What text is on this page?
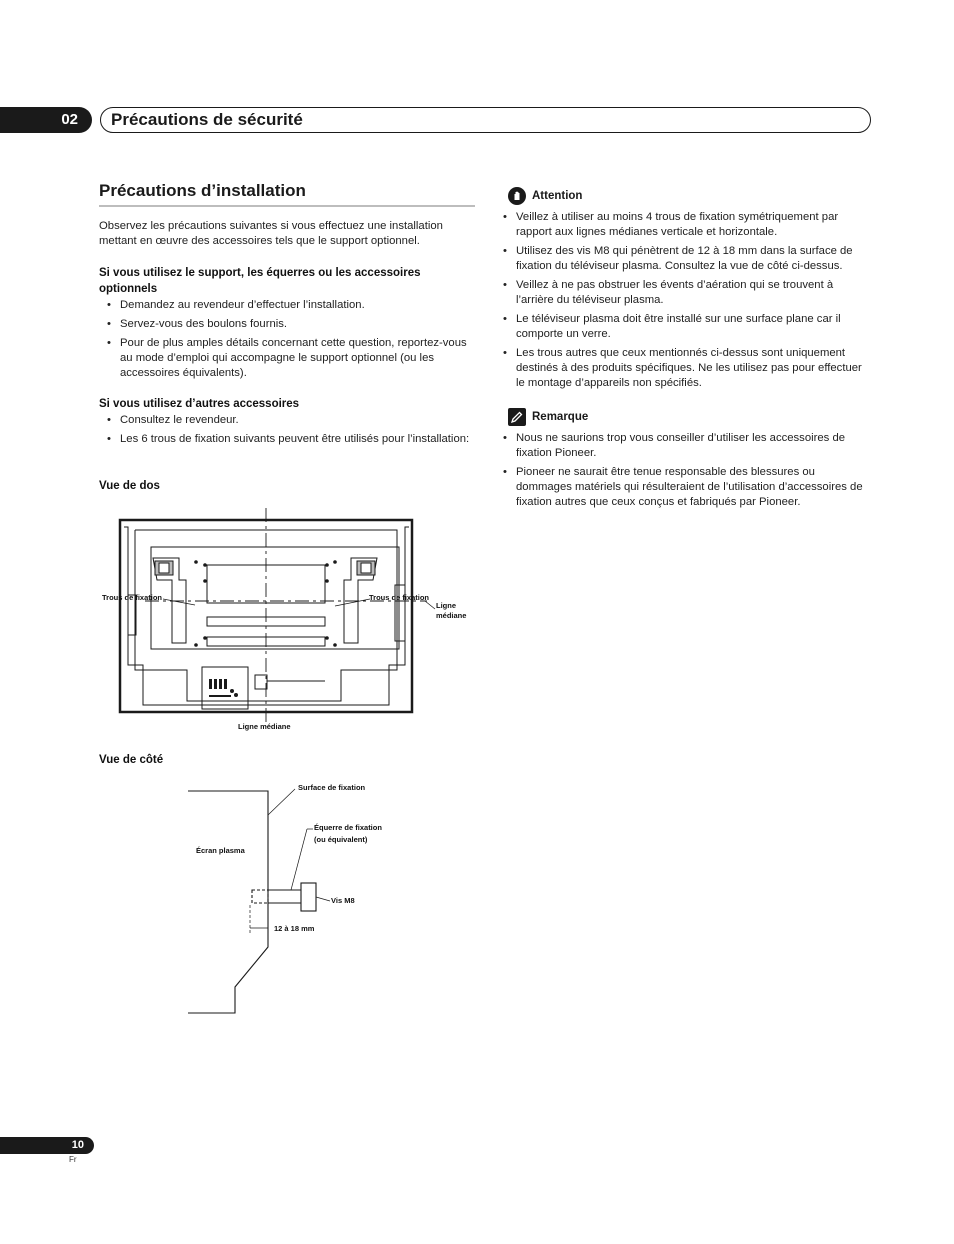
02	Précautions de sécurité
Précautions d’installation
Observez les précautions suivantes si vous effectuez une installation mettant en œuvre des accessoires tels que le support optionnel.
Si vous utilisez le support, les équerres ou les accessoires optionnels
• Demandez au revendeur d’effectuer l’installation.
• Servez-vous des boulons fournis.
• Pour de plus amples détails concernant cette question, reportez-vous au mode d’emploi qui accompagne le support optionnel (ou les accessoires équivalents).
Si vous utilisez d’autres accessoires
• Consultez le revendeur.
• Les 6 trous de fixation suivants peuvent être utilisés pour l’installation:
Vue de dos
Trous de fixation	Trous de fixation
Ligne
médiane
Ligne médiane
Vue de côté
Surface de fixation
Équerre de fixation
(ou équivalent)
Écran plasma
Vis M8
12 à 18 mm
Attention
• Veillez à utiliser au moins 4 trous de fixation symétriquement par rapport aux lignes médianes verticale et horizontale.
• Utilisez des vis M8 qui pénètrent de 12 à 18 mm dans la surface de fixation du téléviseur plasma. Consultez la vue de côté ci-dessus.
• Veillez à ne pas obstruer les évents d’aération qui se trouvent à l’arrière du téléviseur plasma.
• Le téléviseur plasma doit être installé sur une surface plane car il comporte un verre.
• Les trous autres que ceux mentionnés ci-dessus sont uniquement destinés à des produits spécifiques. Ne les utilisez pas pour effectuer le montage d’appareils non spécifiés.
Remarque
• Nous ne saurions trop vous conseiller d’utiliser les accessoires de fixation Pioneer.
• Pioneer ne saurait être tenue responsable des blessures ou dommages matériels qui résulteraient de l’utilisation d’accessoires de fixation autres que ceux conçus et fabriqués par Pioneer.
10
Fr
